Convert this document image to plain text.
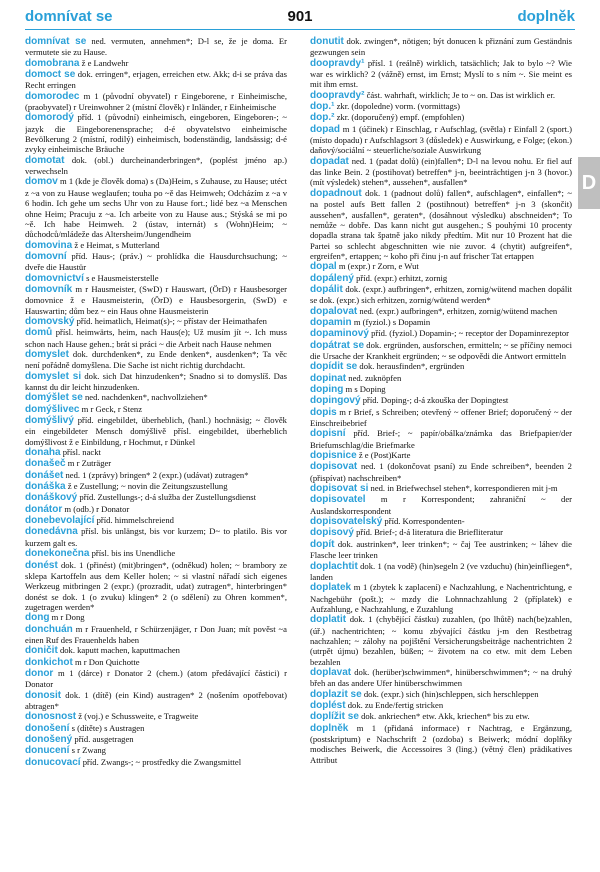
domnívat se	901	doplněk

domnívat se ned. vermuten, annehmen*; D-l se, že je doma. Er vermutete sie zu Hause.

domobrana ž e Landwehr

domoct se dok. erringen*, erjagen, erreichen etw. Akk; d-i se práva das Recht erringen

domorodec m 1 (původní obyvatel) r Eingeborene, r Einheimische, (praobyvatel) r Ureinwohner 2 (místní člověk) r Inländer, r Einheimische

domorodý příd. 1 (původní) einheimisch, eingeboren, Eingeboren-; ~ jazyk die Eingeborenensprache; d-é obyvatelstvo einheimische Bevölkerung 2 (místní, rodilý) einheimisch, bodenständig, landsässig; d-é zvyky einheimische Bräuche

domotat dok. (obl.) durcheinanderbringen*, (poplést jméno ap.) verwechseln

domov m 1 (kde je člověk doma) s (Da)Heim, s Zuhause, zu Hause; utéct z ~a von zu Hause weglaufen; touha po ~ě das Heimweh; Odcházím z ~a v 6 hodin. Ich gehe um sechs Uhr von zu Hause fort.; lidé bez ~a Menschen ohne Heim; Pracuju z ~a. Ich arbeite von zu Hause aus.; Stýská se mi po ~ě. Ich habe Heimweh. 2 (ústav, internát) s (Wohn)Heim; ~ důchodců/mládeže das Altersheim/Jungendheim

domovina ž e Heimat, s Mutterland

domovní příd. Haus-; (práv.) ~ prohlídka die Hausdurchsuchung; ~ dveře die Haustür

domovnictví s e Hausmeisterstelle

domovník m r Hausmeister, (SwD) r Hauswart, (ÖrD) r Hausbesorger domovnice ž e Hausmeisterin, (ÖrD) e Hausbesorgerin, (SwD) e Hauswartin; dům bez ~ ein Haus ohne Hausmeisterin

domovský příd. heimatlich, Heimat(s)-; ~ přístav der Heimathafen

domů přísl. heimwärts, heim, nach Haus(e); Už musím jít ~. Ich muss schon nach Hause gehen.; brát si práci ~ die Arbeit nach Hause nehmen

domyslet dok. durchdenken*, zu Ende denken*, ausdenken*; Ta věc není pořádně domyšlena. Die Sache ist nicht richtig durchdacht.

domyslet si dok. sich Dat hinzudenken*; Snadno si to domyslíš. Das kannst du dir leicht hinzudenken.

domýšlet se ned. nachdenken*, nachvollziehen*

domýšlivec m r Geck, r Stenz

domýšlivý příd. eingebildet, überheblich, (hanl.) hochnäsig; ~ člověk ein eingebildeter Mensch domýšlivě přísl. eingebildet, überheblich domýšlivost ž e Einbildung, r Hochmut, r Dünkel

donaha přísl. nackt

donašeč m r Zuträger

donášet ned. 1 (zprávy) bringen* 2 (expr.) (udávat) zutragen*

donáška ž e Zustellung; ~ novin die Zeitungszustellung

donáškový příd. Zustellungs-; d-á služba der Zustellungsdienst

donátor m (odb.) r Donator

donebevolající příd. himmelschreiend

donedávna přísl. bis unlängst, bis vor kurzem; D~ to platilo. Bis vor kurzem galt es.

donekonečna přísl. bis ins Unendliche

donést dok. 1 (přinést) (mit)bringen*, (odněkud) holen; ~ brambory ze sklepa Kartoffeln aus dem Keller holen; ~ si vlastní nářadí sich eigenes Werkzeug mitbringen 2 (expr.) (prozradit, udat) zutragen*, hinterbringen* donést se dok. 1 (o zvuku) klingen* 2 (o sdělení) zu Ohren kommen*, zugetragen werden*

dong m r Dong

donchuán m r Frauenheld, r Schürzenjäger, r Don Juan; mít pověst ~a einen Ruf des Frauenhelds haben

doničit dok. kaputt machen, kaputtmachen

donkichot m r Don Quichotte

donor m 1 (dárce) r Donator 2 (chem.) (atom předávající částici) r Donator

donosit dok. 1 (dítě) (ein Kind) austragen* 2 (nošením opotřebovat) abtragen*

donosnost ž (voj.) e Schussweite, e Tragweite

donošení s (dítěte) s Austragen

donošený příd. ausgetragen

donucení s r Zwang

donucovací příd. Zwangs-; ~ prostředky die Zwangsmittel

donutit dok. zwingen*, nötigen; být donucen k přiznání zum Geständnis gezwungen sein

doopravdy¹ přísl. 1 (reálně) wirklich, tatsächlich; Jak to bylo ~? Wie war es wirklich? 2 (vážně) ernst, im Ernst; Myslí to s ním ~. Sie meint es mit ihm ernst.

doopravdy² část. wahrhaft, wirklich; Je to ~ on. Das ist wirklich er.

dop.¹ zkr. (dopoledne) vorm. (vormittags)

dop.² zkr. (doporučený) empf. (empfohlen)

dopad m 1 (účinek) r Einschlag, r Aufschlag, (světla) r Einfall 2 (sport.) (místo dopadu) r Aufschlagsort 3 (důsledek) e Auswirkung, e Folge; (ekon.) daňový/sociální ~ steuerliche/soziale Auswirkung

dopadat ned. 1 (padat dolů) (ein)fallen*; D-l na levou nohu. Er fiel auf das linke Bein. 2 (postihovat) betreffen* j-n, beeinträchtigen j-n 3 (hovor.) (mít výsledek) stehen*, aussehen*, ausfallen*

dopadnout dok. 1 (padnout dolů) fallen*, aufschlagen*, einfallen*; ~ na postel aufs Bett fallen 2 (postihnout) betreffen* j-n 3 (skončit) aussehen*, ausfallen*, geraten*, (dosáhnout výsledku) abschneiden*; To nemůže ~ dobře. Das kann nicht gut ausgehen.; S pouhými 10 procenty dopadla strana tak špatně jako nikdy předtím. Mit nur 10 Prozent hat die Partei so schlecht abgeschnitten wie nie zuvor. 4 (chytit) aufgreifen*, ergreifen*, ertappen; ~ koho při činu j-n auf frischer Tat ertappen

dopal m (expr.) r Zorn, e Wut

dopálený příd. (expr.) erhitzt, zornig

dopálit dok. (expr.) aufbringen*, erhitzen, zornig/wütend machen dopálit se dok. (expr.) sich erhitzen, zornig/wütend werden*

dopalovat ned. (expr.) aufbringen*, erhitzen, zornig/wütend machen

dopamin m (fyziol.) s Dopamin

dopaminový příd. (fyziol.) Dopamin-; ~ receptor der Dopaminrezeptor

dopátrat se dok. ergründen, ausforschen, ermitteln; ~ se příčiny nemoci die Ursache der Krankheit ergründen; ~ se odpovědi die Antwort ermitteln

dopídit se dok. herausfinden*, ergründen

dopinat ned. zuknöpfen

doping m s Doping

dopingový příd. Doping-; d-á zkouška der Dopingtest

dopis m r Brief, s Schreiben; otevřený ~ offener Brief; doporučený ~ der Einschreibebrief

dopisní příd. Brief-; ~ papír/obálka/známka das Briefpapier/der Briefumschlag/die Briefmarke

dopisnice ž e (Post)Karte

dopisovat ned. 1 (dokončovat psaní) zu Ende schreiben*, beenden 2 (přispívat) nachschreiben*

dopisovat si ned. in Briefwechsel stehen*, korrespondieren mit j-m

dopisovatel m r Korrespondent; zahraniční ~ der Auslandskorrespondent

dopisovatelský příd. Korrespondenten-

dopisový příd. Brief-; d-á literatura die Briefliteratur

dopít dok. austrinken*, leer trinken*; ~ čaj Tee austrinken; ~ láhev die Flasche leer trinken

doplachtit dok. 1 (na vodě) (hin)segeln 2 (ve vzduchu) (hin)einfliegen*, landen

doplatek m 1 (zbytek k zaplacení) e Nachzahlung, e Nachentrichtung, e Nachgebühr (pošt.); ~ mzdy die Lohnnachzahlung 2 (příplatek) e Aufzahlung, e Nachzahlung, e Zuzahlung

doplatit dok. 1 (chybějící částku) zuzahlen, (po lhůtě) nach(be)zahlen, (úř.) nachentrichten; ~ komu zbývající částku j-m den Restbetrag nachzahlen; ~ zálohy na pojištění Versicherungsbeiträge nachentrichten 2 (utrpět újmu) bezahlen, büßen; ~ životem na co etw. mit dem Leben bezahlen

doplavat dok. (herüber)schwimmen*, hinüberschwimmen*; ~ na druhý břeh an das andere Ufer hinüberschwimmen

doplazit se dok. (expr.) sich (hin)schleppen, sich herschleppen

doplést dok. zu Ende/fertig stricken

doplížit se dok. ankriechen* etw. Akk, kriechen* bis zu etw.

doplněk m 1 (přidaná informace) r Nachtrag, e Ergänzung, (postskriptum) e Nachschrift 2 (ozdoba) s Beiwerk; módní doplňky modisches Beiwerk, die Accessoires 3 (ling.) (větný člen) prädikatives Attribut

D
